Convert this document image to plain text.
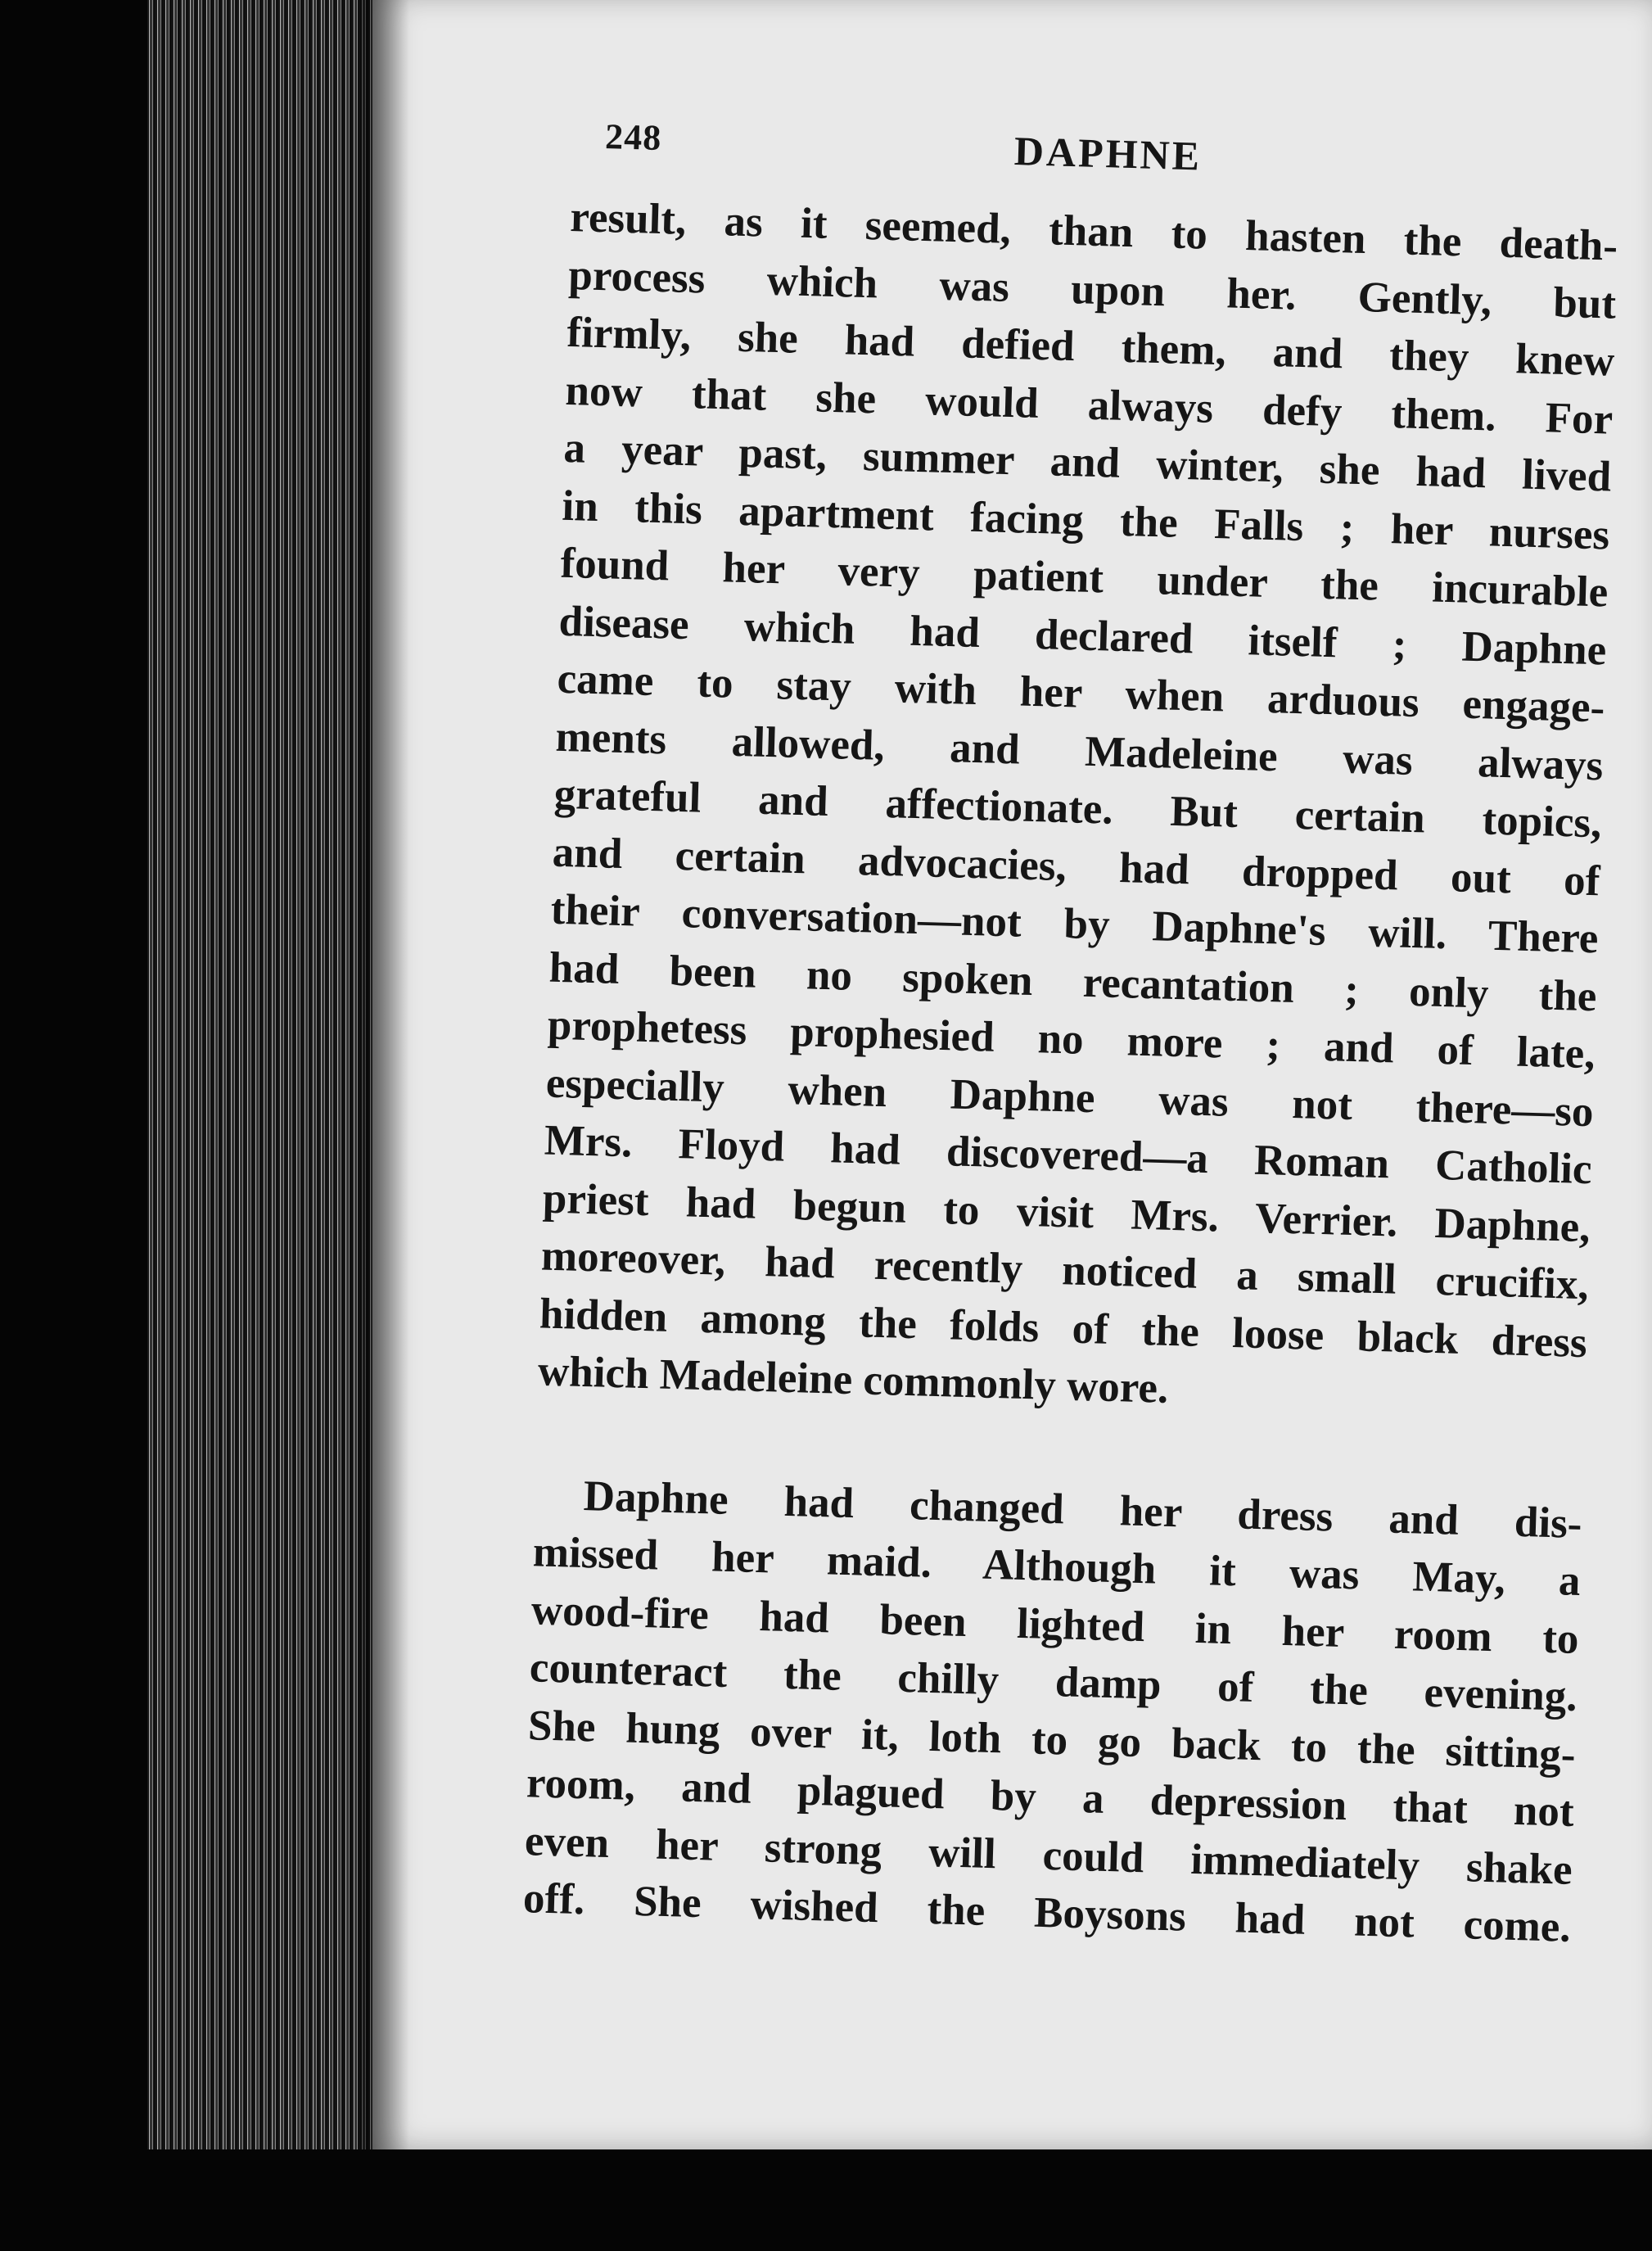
248	DAPHNE
result, as it seemed, than to hasten the death-
process which was upon her. Gently, but
firmly, she had defied them, and they knew
now that she would always defy them. For
a year past, summer and winter, she had lived
in this apartment facing the Falls ; her nurses
found her very patient under the incurable
disease which had declared itself ; Daphne
came to stay with her when arduous engage-
ments allowed, and Madeleine was always
grateful and affectionate. But certain topics,
and certain advocacies, had dropped out of
their conversation—not by Daphne's will. There
had been no spoken recantation ; only the
prophetess prophesied no more ; and of late,
especially when Daphne was not there—so
Mrs. Floyd had discovered—a Roman Catholic
priest had begun to visit Mrs. Verrier. Daphne,
moreover, had recently noticed a small crucifix,
hidden among the folds of the loose black dress
which Madeleine commonly wore.
Daphne had changed her dress and dis-
missed her maid. Although it was May, a
wood-fire had been lighted in her room to
counteract the chilly damp of the evening.
She hung over it, loth to go back to the sitting-
room, and plagued by a depression that not
even her strong will could immediately shake
off. She wished the Boysons had not come.
